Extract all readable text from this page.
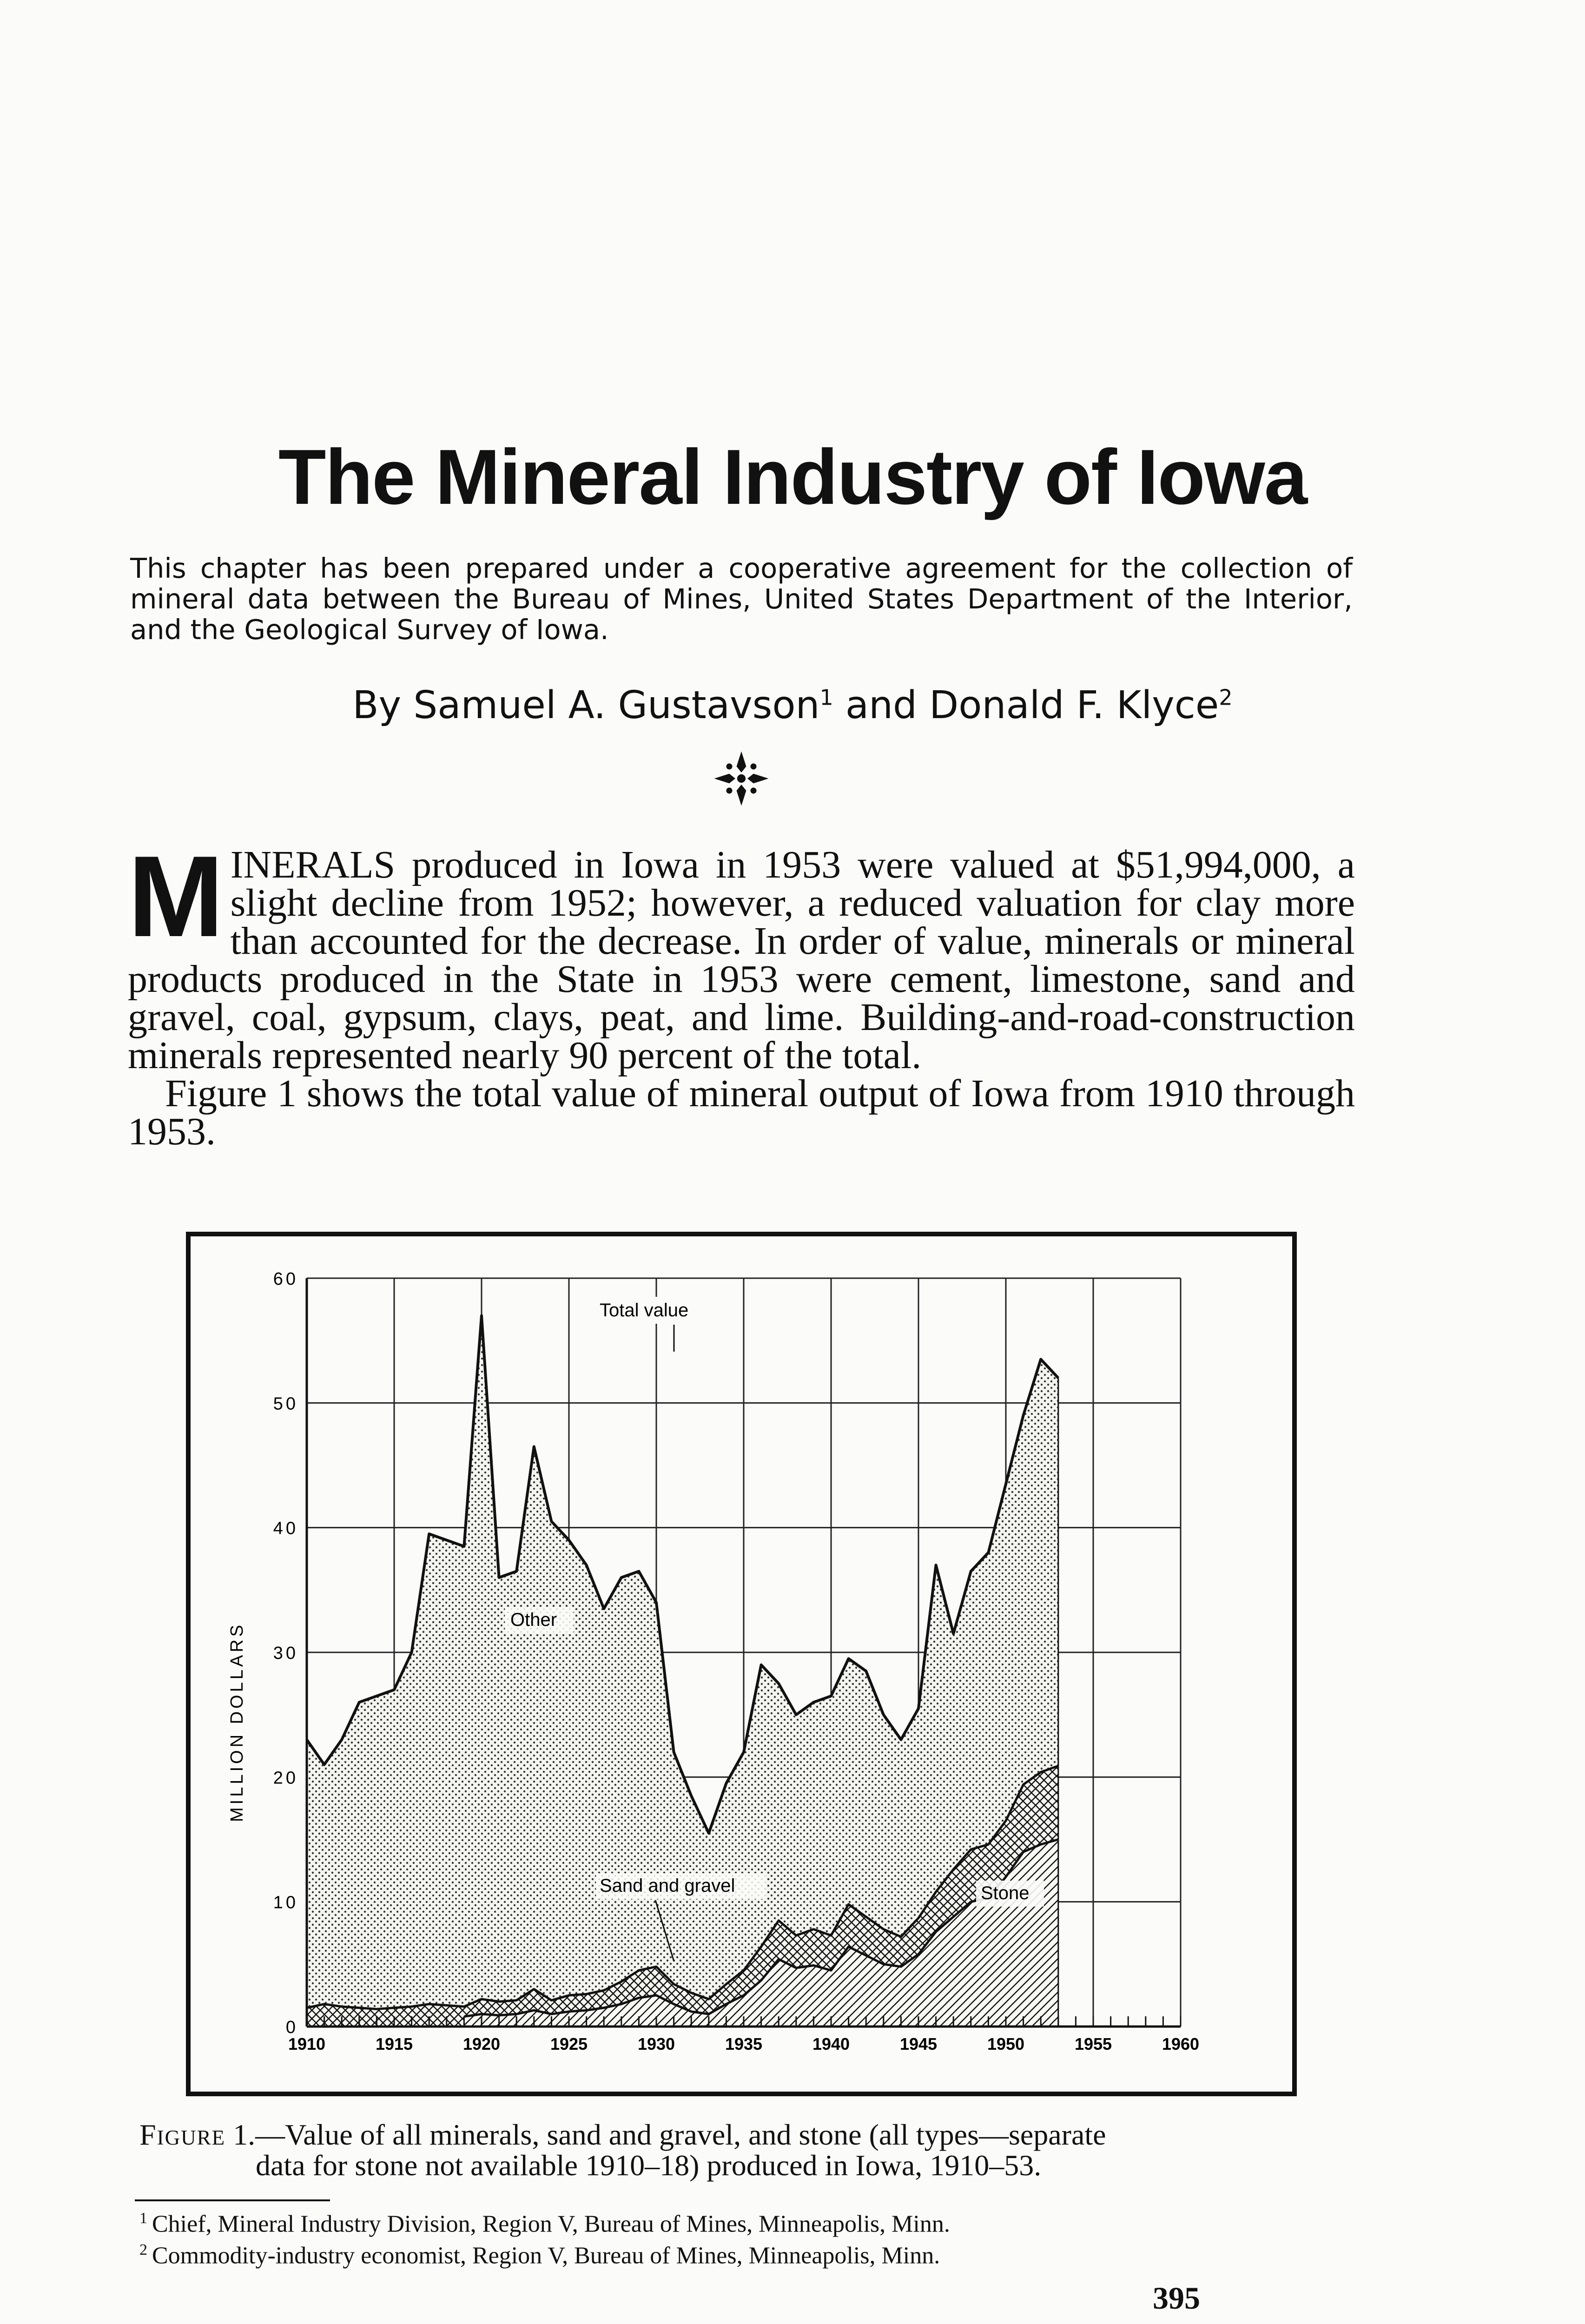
The Mineral Industry of Iowa
This chapter has been prepared under a cooperative agreement for the collection of mineral data between the Bureau of Mines, United States Department of the Interior, and the Geological Survey of Iowa.
By Samuel A. Gustavson$^1$ and Donald F. Klyce$^2$

MINERALS produced in Iowa in 1953 were valued at $51,994,000, a slight decline from 1952; however, a reduced valuation for clay more than accounted for the decrease. In order of value, minerals or mineral products produced in the State in 1953 were cement, limestone, sand and gravel, coal, gypsum, clays, peat, and lime. Building-and-road-construction minerals represented nearly 90 percent of the total.

Figure 1 shows the total value of mineral output of Iowa from 1910 through 1953.

0
10
20
30
40
50
60
1910	1915	1920	1925	1930	1935	1940	1945	1950	1955	1960
MILLION DOLLARS
Total value
Other
Sand and gravel	Stone
Figure 1.—Value of all minerals, sand and gravel, and stone (all types—separate
data for stone not available 1910–18) produced in Iowa, 1910–53.
$^1$ Chief, Mineral Industry Division, Region V, Bureau of Mines, Minneapolis, Minn.
$^2$ Commodity-industry economist, Region V, Bureau of Mines, Minneapolis, Minn.
395
